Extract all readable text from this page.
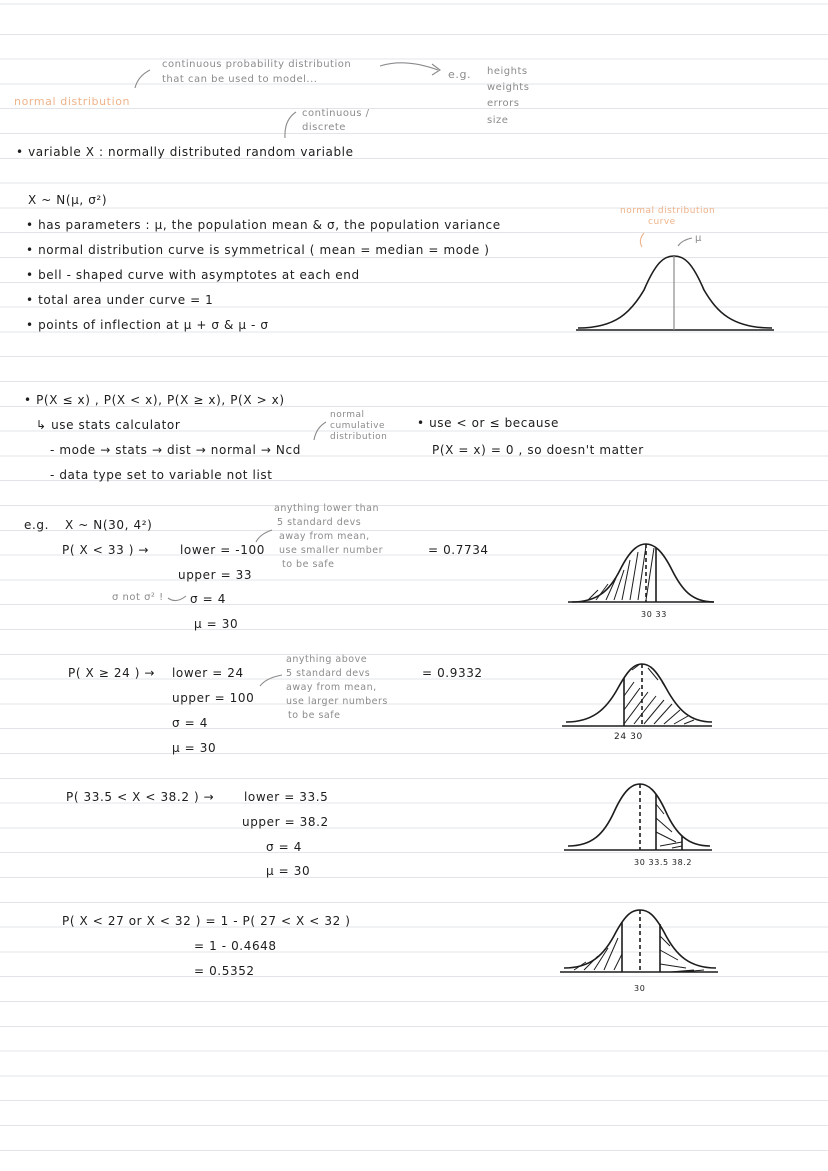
normal distribution
continuous probability distribution
that can be used to model...	e.g. heights
weights
errors
size
continuous /
discrete
• variable X : normally distributed random variable
X ~ N(μ, σ²)
• has parameters : μ, the population mean & σ, the population variance
• normal distribution curve is symmetrical ( mean = median = mode )
• bell - shaped curve with asymptotes at each end
• total area under curve = 1
• points of inflection at μ + σ & μ - σ
normal distribution
curve
μ
• P(X ≤ x) , P(X < x), P(X ≥ x), P(X > x)
↳ use stats calculator
- mode → stats → dist → normal → Ncd
normal
cumulative
distribution
- data type set to variable not list
• use < or ≤ because
P(X = x) = 0 , so doesn't matter
e.g. X ~ N(30, 4²)
P( X < 33 ) →	lower = -100
upper = 33
σ = 4
μ = 30
= 0.7734
σ not σ² !
anything lower than
5 standard devs
away from mean,
use smaller number
to be safe
30 33
P( X ≥ 24 ) → lower = 24
upper = 100
σ = 4
μ = 30
= 0.9332
anything above
5 standard devs
away from mean,
use larger numbers
to be safe
24 30
P( 33.5 < X < 38.2 ) → lower = 33.5
upper = 38.2
σ = 4
μ = 30
30 33.5 38.2
P( X < 27 or X < 32 ) = 1 - P( 27 < X < 32 )
= 1 - 0.4648
= 0.5352
30
